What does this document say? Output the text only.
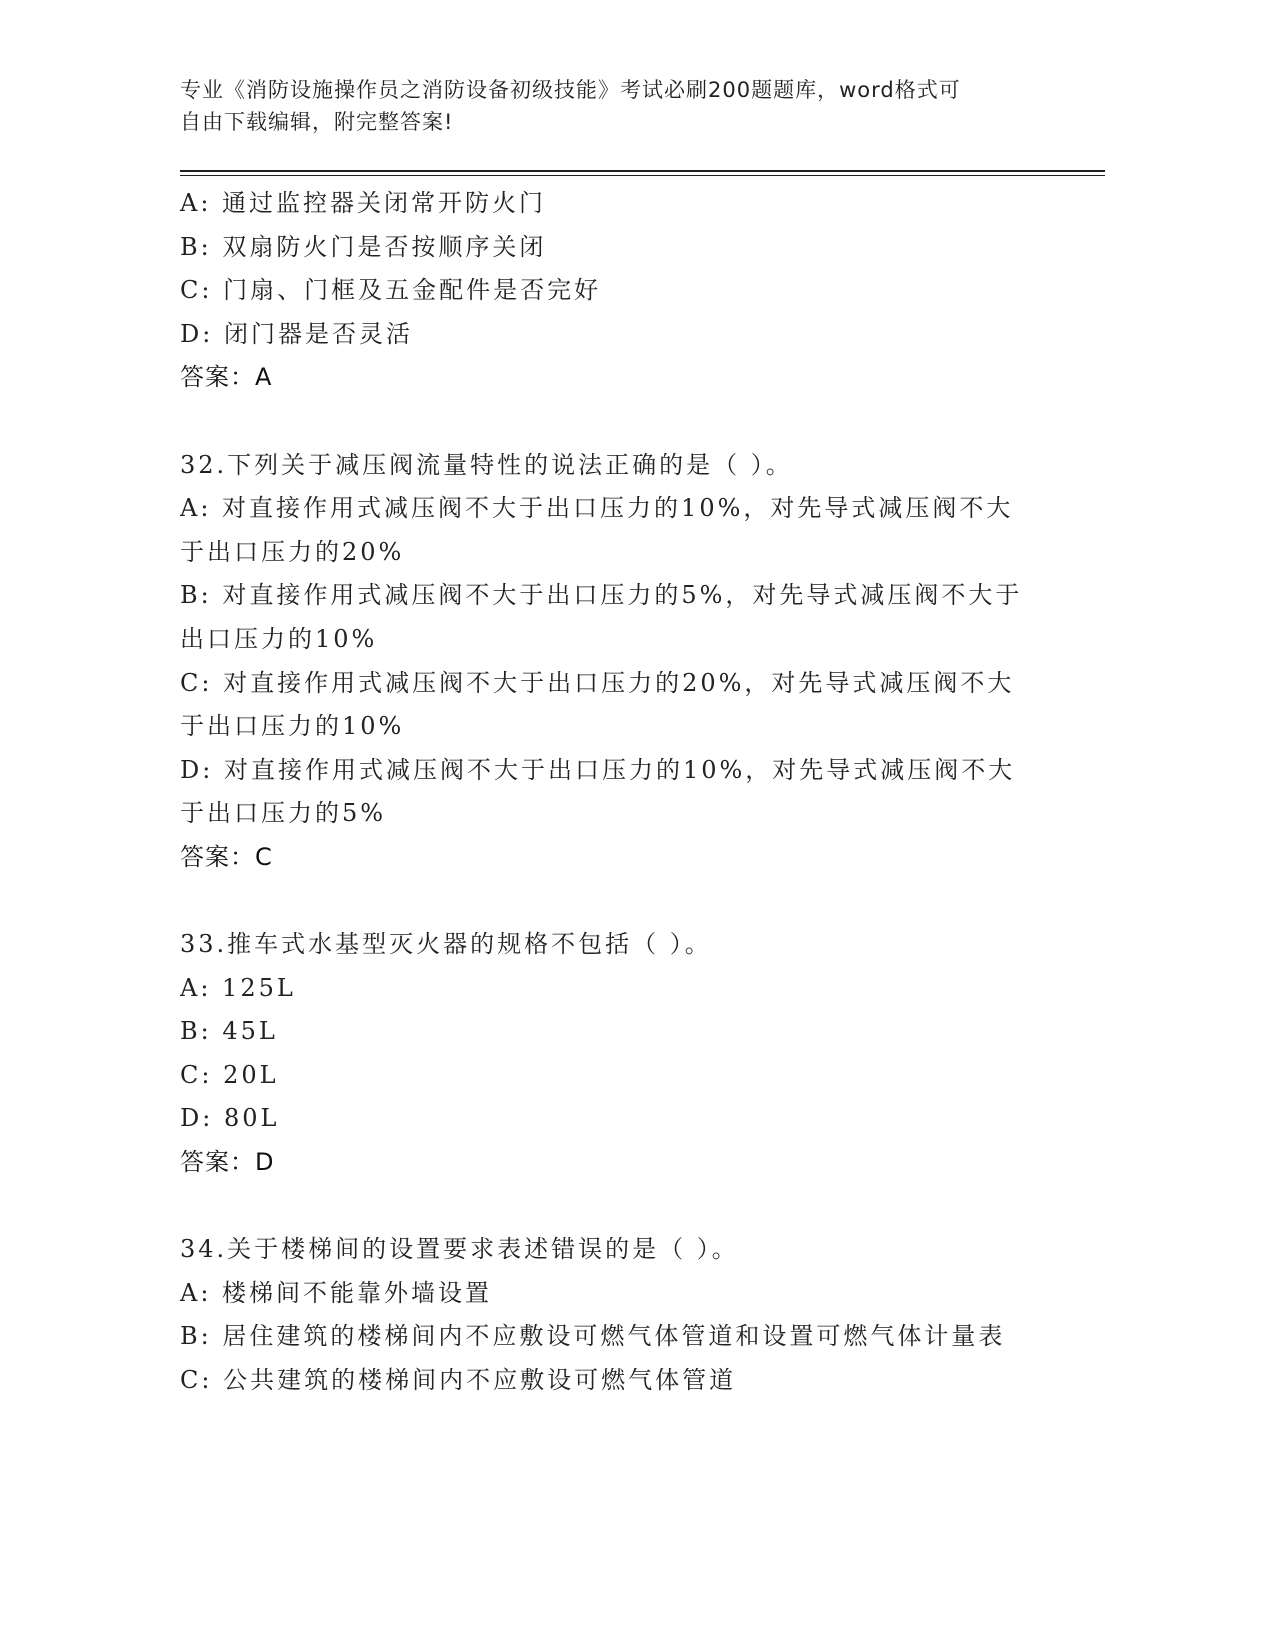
专业《消防设施操作员之消防设备初级技能》考试必刷200题题库，word格式可
自由下载编辑，附完整答案!
A: 通过监控器关闭常开防火门
B: 双扇防火门是否按顺序关闭
C: 门扇、门框及五金配件是否完好
D: 闭门器是否灵活
答案：A
32.下列关于减压阀流量特性的说法正确的是（ ）。
A: 对直接作用式减压阀不大于出口压力的10%，对先导式减压阀不大
于出口压力的20%
B: 对直接作用式减压阀不大于出口压力的5%，对先导式减压阀不大于
出口压力的10%
C: 对直接作用式减压阀不大于出口压力的20%，对先导式减压阀不大
于出口压力的10%
D: 对直接作用式减压阀不大于出口压力的10%，对先导式减压阀不大
于出口压力的5%
答案：C
33.推车式水基型灭火器的规格不包括（ ）。
A: 125L
B: 45L
C: 20L
D: 80L
答案：D
34.关于楼梯间的设置要求表述错误的是（ ）。
A: 楼梯间不能靠外墙设置
B: 居住建筑的楼梯间内不应敷设可燃气体管道和设置可燃气体计量表
C: 公共建筑的楼梯间内不应敷设可燃气体管道
